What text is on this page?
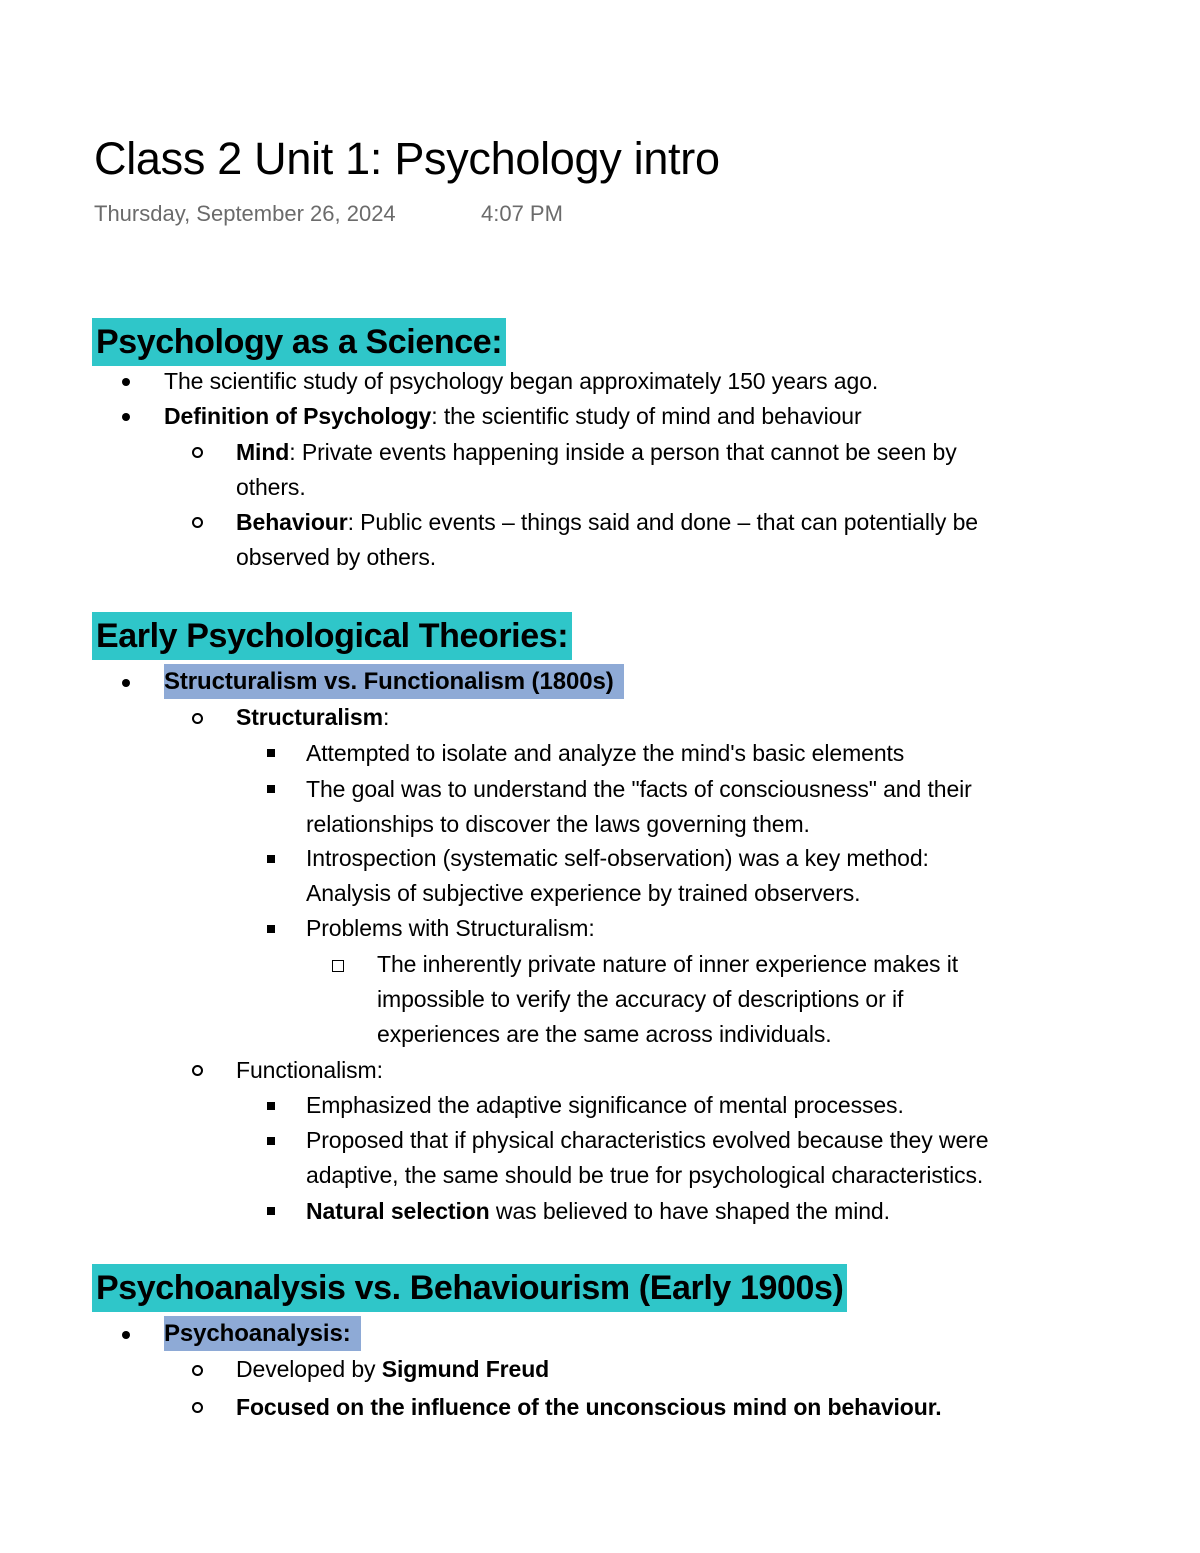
Class 2 Unit 1: Psychology intro
Thursday, September 26, 2024	4:07 PM
Psychology as a Science:
The scientific study of psychology began approximately 150 years ago.
Definition of Psychology: the scientific study of mind and behaviour
Mind: Private events happening inside a person that cannot be seen by
others.
Behaviour: Public events – things said and done – that can potentially be
observed by others.
Early Psychological Theories:
Structuralism vs. Functionalism (1800s)
Structuralism:
Attempted to isolate and analyze the mind's basic elements
The goal was to understand the "facts of consciousness" and their
relationships to discover the laws governing them.
Introspection (systematic self-observation) was a key method:
Analysis of subjective experience by trained observers.
Problems with Structuralism:
The inherently private nature of inner experience makes it
impossible to verify the accuracy of descriptions or if
experiences are the same across individuals.
Functionalism:
Emphasized the adaptive significance of mental processes.
Proposed that if physical characteristics evolved because they were
adaptive, the same should be true for psychological characteristics.
Natural selection was believed to have shaped the mind.
Psychoanalysis vs. Behaviourism (Early 1900s)
Psychoanalysis:
Developed by Sigmund Freud
Focused on the influence of the unconscious mind on behaviour.
